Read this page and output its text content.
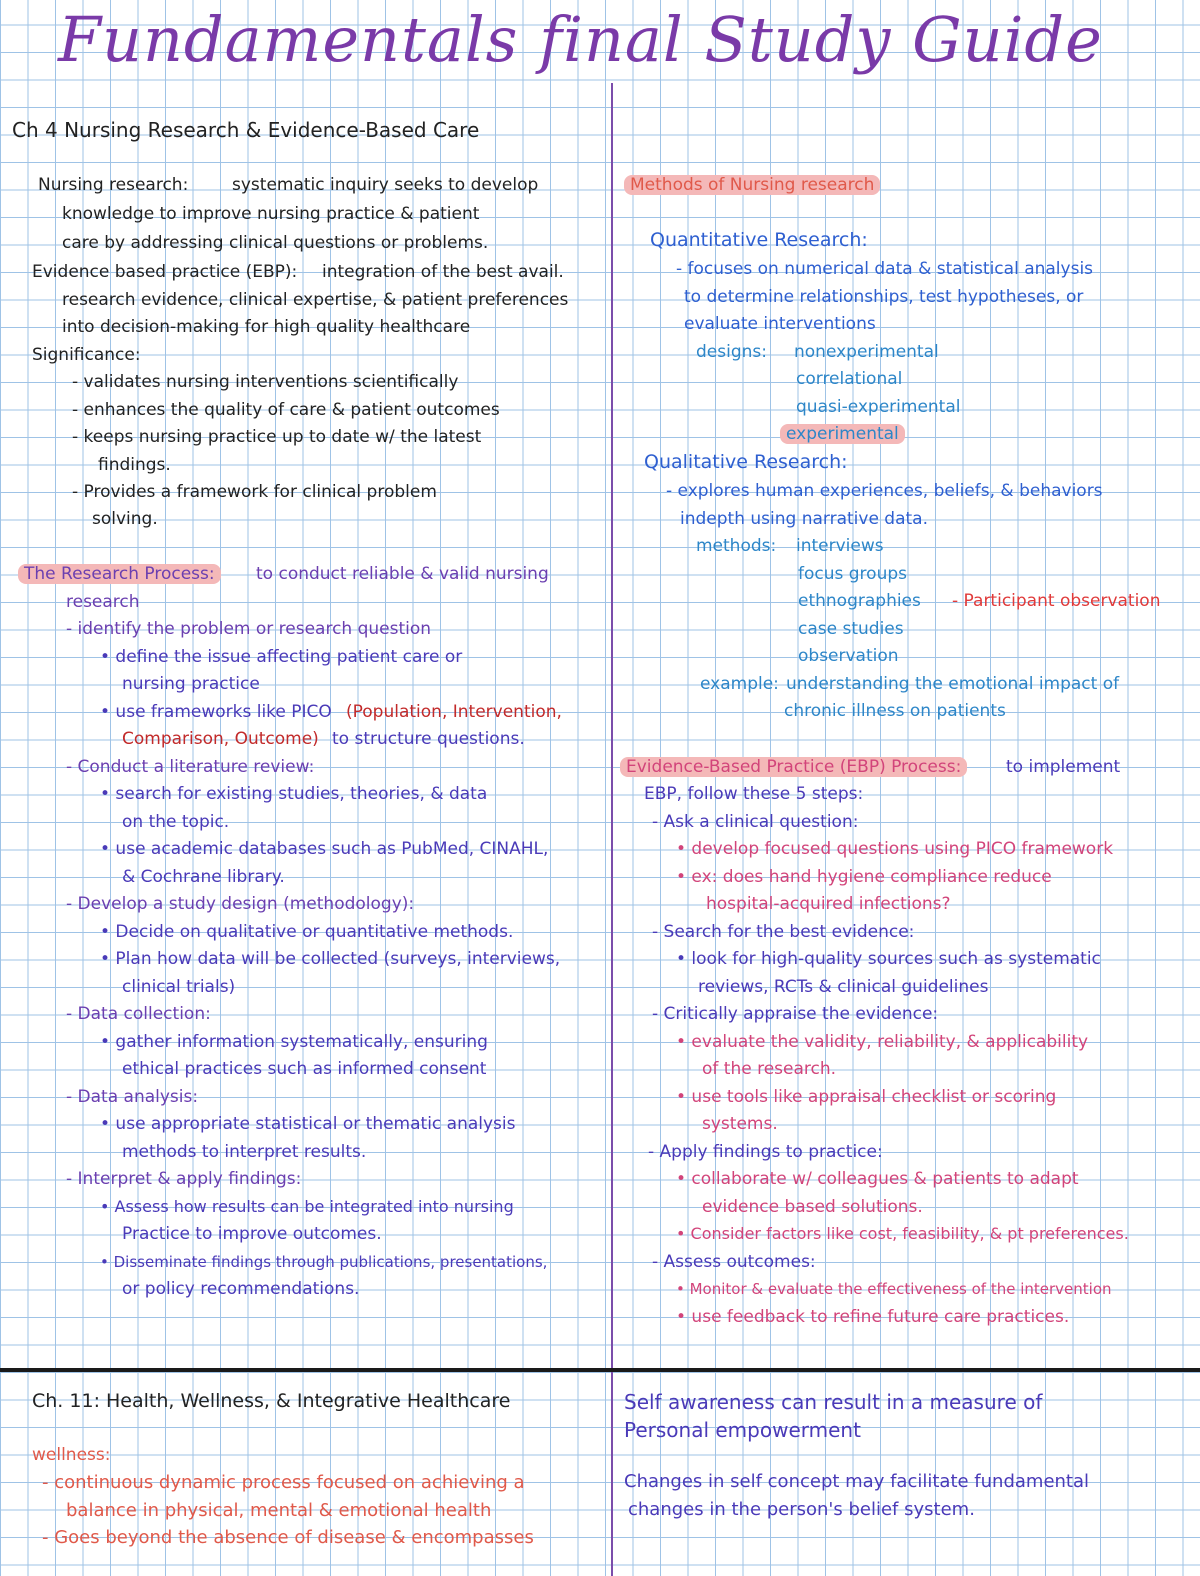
Fundamentals final Study Guide
Ch 4 Nursing Research & Evidence-Based Care
Nursing research:	systematic inquiry seeks to develop
knowledge to improve nursing practice & patient
care by addressing clinical questions or problems.
Evidence based practice (EBP): integration of the best avail.
research evidence, clinical expertise, & patient preferences
into decision-making for high quality healthcare
Significance:
- validates nursing interventions scientifically
- enhances the quality of care & patient outcomes
- keeps nursing practice up to date w/ the latest
findings.
- Provides a framework for clinical problem
solving.
The Research Process:	to conduct reliable & valid nursing
research
- identify the problem or research question
• define the issue affecting patient care or
nursing practice
• use frameworks like PICO (Population, Intervention,
Comparison, Outcome) to structure questions.
- Conduct a literature review:
• search for existing studies, theories, & data
on the topic.
• use academic databases such as PubMed, CINAHL,
& Cochrane library.
- Develop a study design (methodology):
• Decide on qualitative or quantitative methods.
• Plan how data will be collected (surveys, interviews,
clinical trials)
- Data collection:
• gather information systematically, ensuring
ethical practices such as informed consent
- Data analysis:
• use appropriate statistical or thematic analysis
methods to interpret results.
- Interpret & apply findings:
• Assess how results can be integrated into nursing
Practice to improve outcomes.
• Disseminate findings through publications, presentations,
or policy recommendations.
Methods of Nursing research
Quantitative Research:
- focuses on numerical data & statistical analysis
to determine relationships, test hypotheses, or
evaluate interventions
designs: nonexperimental
correlational
quasi-experimental
experimental
Qualitative Research:
- explores human experiences, beliefs, & behaviors
indepth using narrative data.
methods: interviews
focus groups
ethnographies - Participant observation
case studies
observation
example: understanding the emotional impact of
chronic illness on patients
Evidence-Based Practice (EBP) Process:	to implement
EBP, follow these 5 steps:
- Ask a clinical question:
• develop focused questions using PICO framework
• ex: does hand hygiene compliance reduce
hospital-acquired infections?
- Search for the best evidence:
• look for high-quality sources such as systematic
reviews, RCTs & clinical guidelines
- Critically appraise the evidence:
• evaluate the validity, reliability, & applicability
of the research.
• use tools like appraisal checklist or scoring
systems.
- Apply findings to practice:
• collaborate w/ colleagues & patients to adapt
evidence based solutions.
• Consider factors like cost, feasibility, & pt preferences.
- Assess outcomes:
• Monitor & evaluate the effectiveness of the intervention
• use feedback to refine future care practices.
Ch. 11: Health, Wellness, & Integrative Healthcare
wellness:
- continuous dynamic process focused on achieving a
balance in physical, mental & emotional health
- Goes beyond the absence of disease & encompasses
Self awareness can result in a measure of
Personal empowerment
Changes in self concept may facilitate fundamental
changes in the person's belief system.
